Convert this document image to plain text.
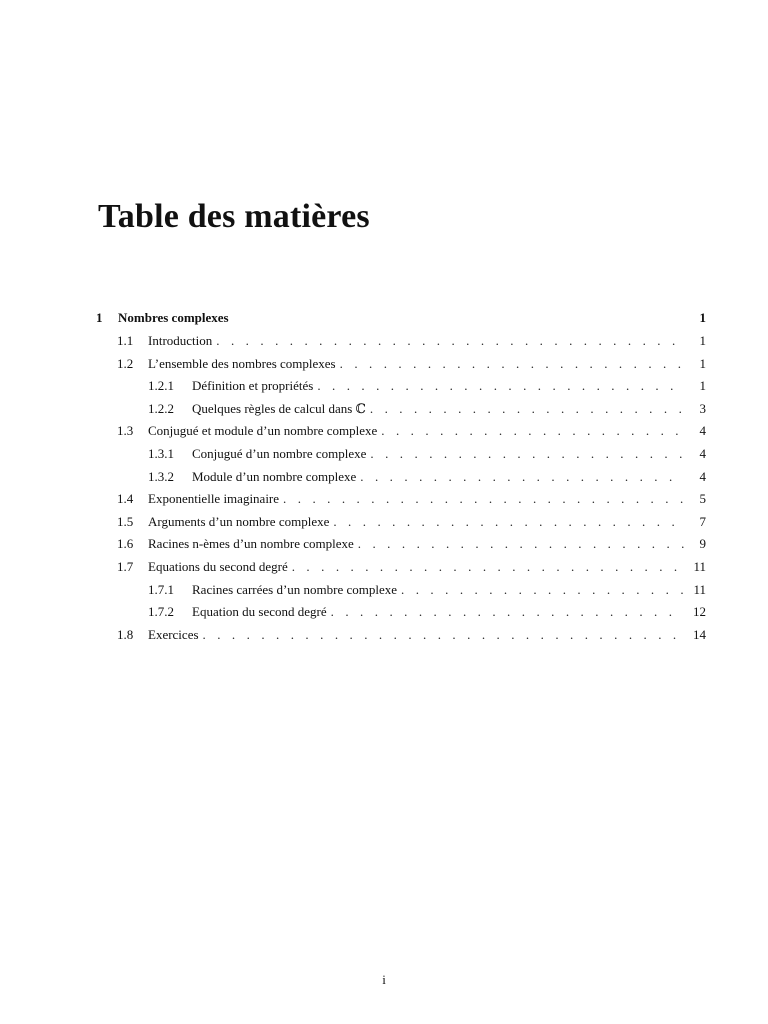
Table des matières
1	Nombres complexes	1
1.1	Introduction . . .	1
1.2	L’ensemble des nombres complexes . . .	1
1.2.1	Définition et propriétés . . .	1
1.2.2	Quelques règles de calcul dans ℂ . . .	3
1.3	Conjugué et module d’un nombre complexe . . .	4
1.3.1	Conjugué d’un nombre complexe . . .	4
1.3.2	Module d’un nombre complexe . . .	4
1.4	Exponentielle imaginaire . . .	5
1.5	Arguments d’un nombre complexe . . .	7
1.6	Racines n-èmes d’un nombre complexe . . .	9
1.7	Equations du second degré . . .	11
1.7.1	Racines carrées d’un nombre complexe . . .	11
1.7.2	Equation du second degré . . .	12
1.8	Exercices . . .	14
i
